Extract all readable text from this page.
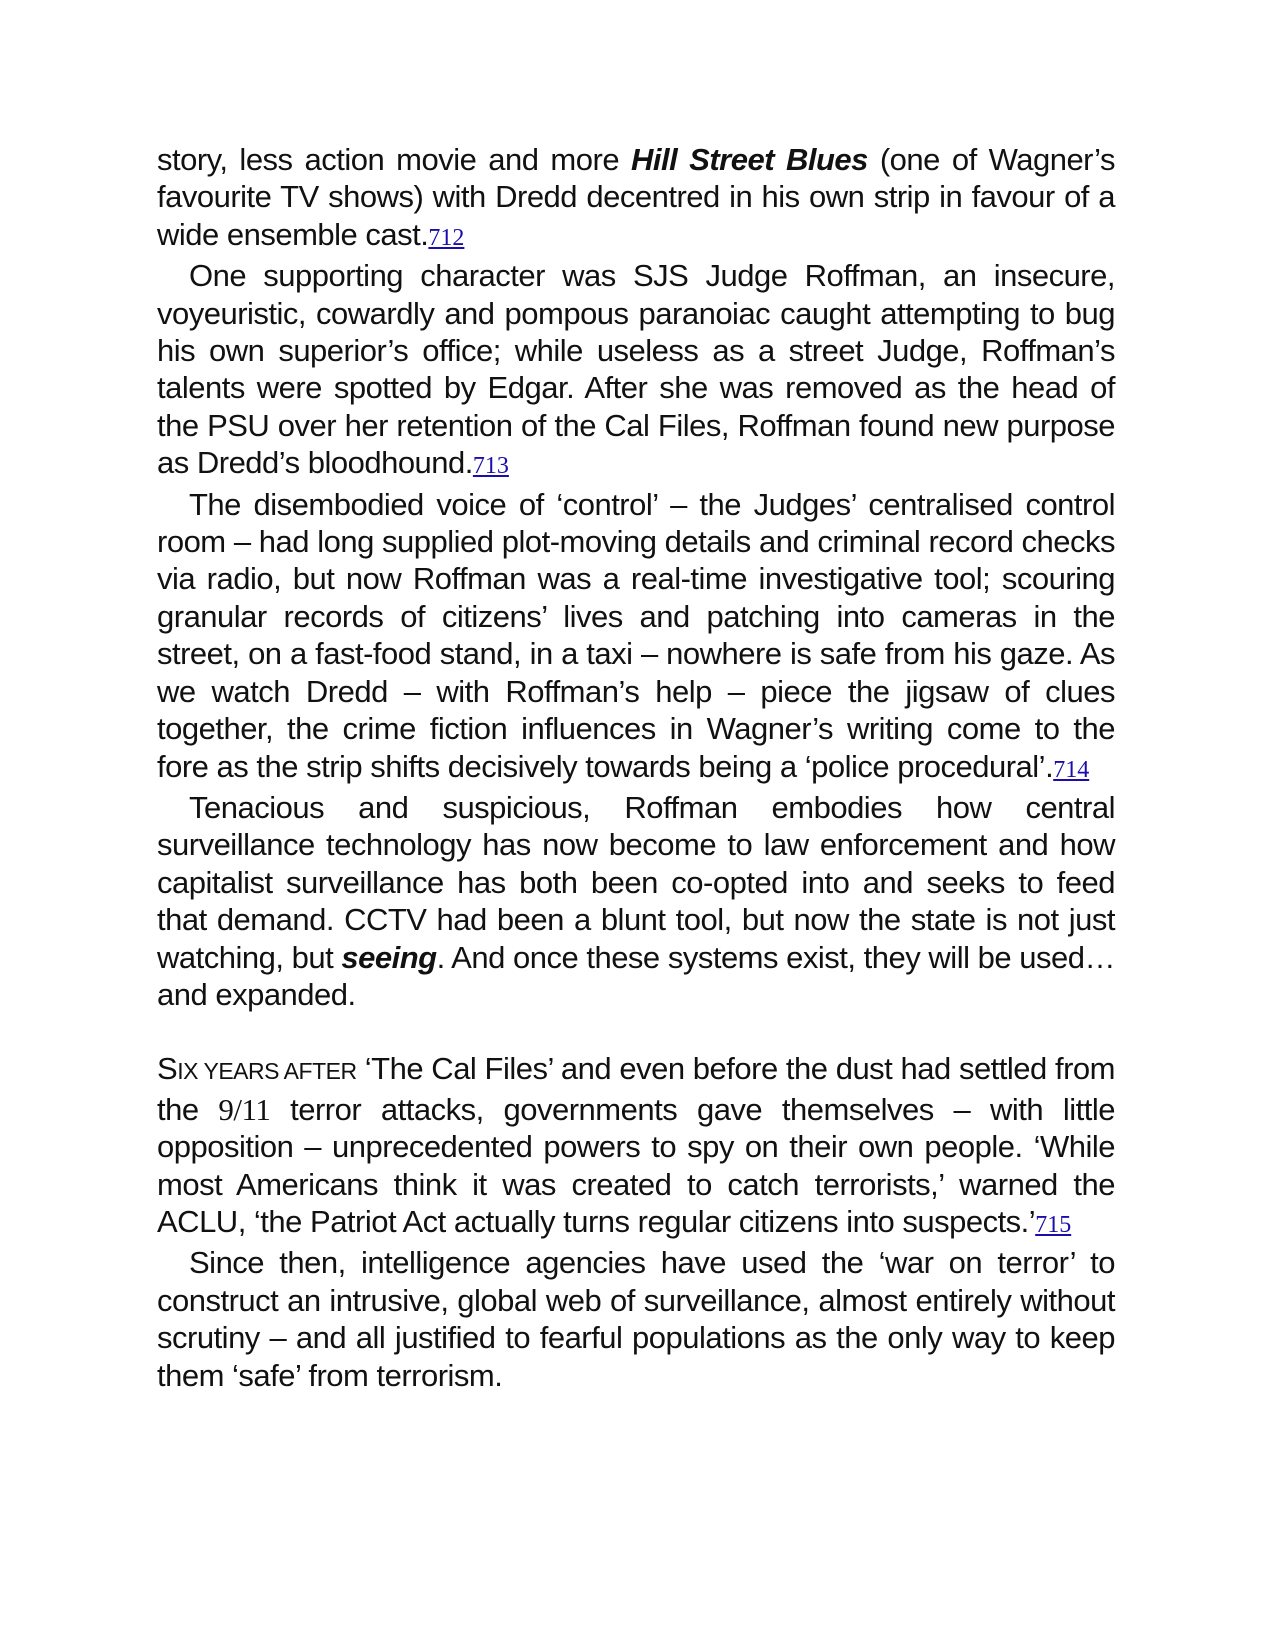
story, less action movie and more Hill Street Blues (one of Wagner’s favourite TV shows) with Dredd decentred in his own strip in favour of a wide ensemble cast.712

One supporting character was SJS Judge Roffman, an insecure, voyeuristic, cowardly and pompous paranoiac caught attempting to bug his own superior’s office; while useless as a street Judge, Roffman’s talents were spotted by Edgar. After she was removed as the head of the PSU over her retention of the Cal Files, Roffman found new purpose as Dredd’s bloodhound.713

The disembodied voice of ‘control’ – the Judges’ centralised control room – had long supplied plot-moving details and criminal record checks via radio, but now Roffman was a real-time investigative tool; scouring granular records of citizens’ lives and patching into cameras in the street, on a fast-food stand, in a taxi – nowhere is safe from his gaze. As we watch Dredd – with Roffman’s help – piece the jigsaw of clues together, the crime fiction influences in Wagner’s writing come to the fore as the strip shifts decisively towards being a ‘police procedural’.714

Tenacious and suspicious, Roffman embodies how central surveillance technology has now become to law enforcement and how capitalist surveillance has both been co-opted into and seeks to feed that demand. CCTV had been a blunt tool, but now the state is not just watching, but seeing. And once these systems exist, they will be used… and expanded.

SIX YEARS AFTER ‘The Cal Files’ and even before the dust had settled from the 9/11 terror attacks, governments gave themselves – with little opposition – unprecedented powers to spy on their own people. ‘While most Americans think it was created to catch terrorists,’ warned the ACLU, ‘the Patriot Act actually turns regular citizens into suspects.’715

Since then, intelligence agencies have used the ‘war on terror’ to construct an intrusive, global web of surveillance, almost entirely without scrutiny – and all justified to fearful populations as the only way to keep them ‘safe’ from terrorism.
